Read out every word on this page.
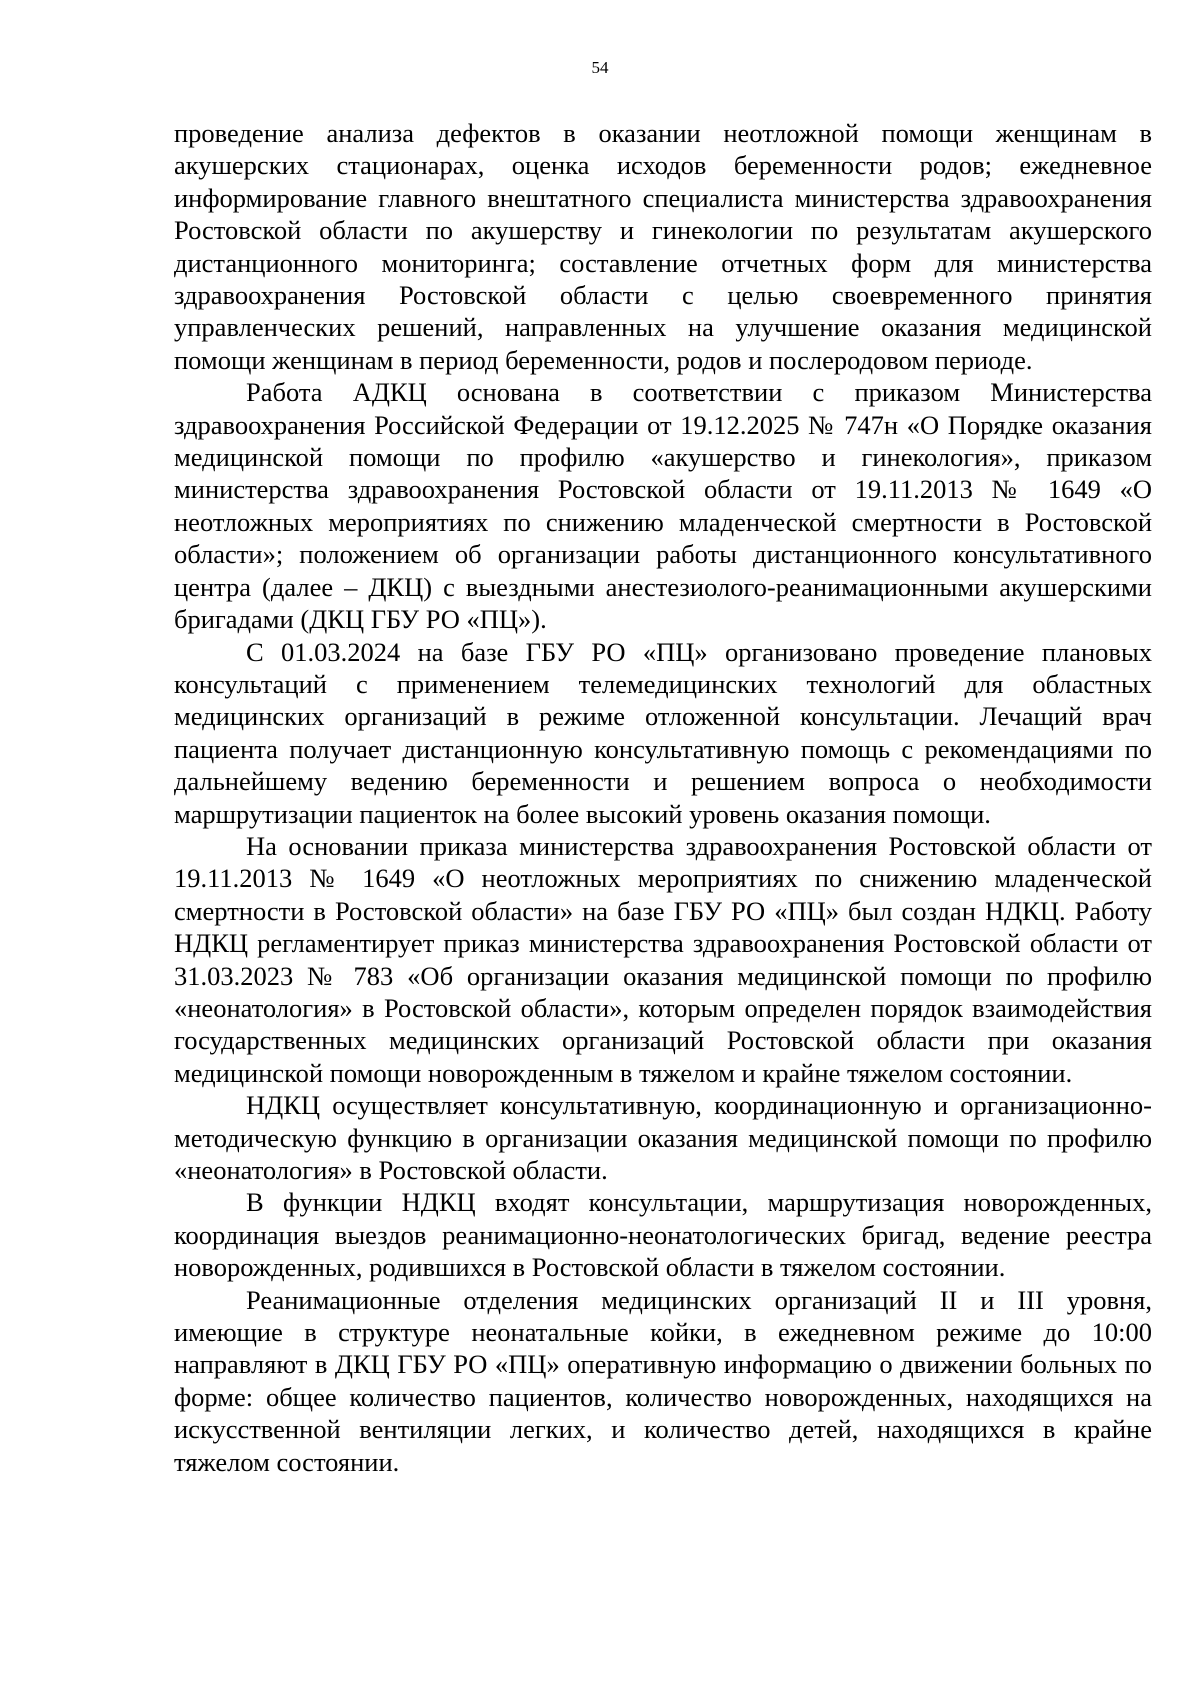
54

проведение анализа дефектов в оказании неотложной помощи женщинам в акушерских стационарах, оценка исходов беременности родов; ежедневное информирование главного внештатного специалиста министерства здравоохранения Ростовской области по акушерству и гинекологии по результатам акушерского дистанционного мониторинга; составление отчетных форм для министерства здравоохранения Ростовской области с целью своевременного принятия управленческих решений, направленных на улучшение оказания медицинской помощи женщинам в период беременности, родов и послеродовом периоде.

Работа АДКЦ основана в соответствии с приказом Министерства здравоохранения Российской Федерации от 19.12.2025 № 747н «О Порядке оказания медицинской помощи по профилю «акушерство и гинекология», приказом министерства здравоохранения Ростовской области от 19.11.2013 № 1649 «О неотложных мероприятиях по снижению младенческой смертности в Ростовской области»; положением об организации работы дистанционного консультативного центра (далее – ДКЦ) с выездными анестезиолого-реанимационными акушерскими бригадами (ДКЦ ГБУ РО «ПЦ»).

С 01.03.2024 на базе ГБУ РО «ПЦ» организовано проведение плановых консультаций с применением телемедицинских технологий для областных медицинских организаций в режиме отложенной консультации. Лечащий врач пациента получает дистанционную консультативную помощь с рекомендациями по дальнейшему ведению беременности и решением вопроса о необходимости маршрутизации пациенток на более высокий уровень оказания помощи.

На основании приказа министерства здравоохранения Ростовской области от 19.11.2013 № 1649 «О неотложных мероприятиях по снижению младенческой смертности в Ростовской области» на базе ГБУ РО «ПЦ» был создан НДКЦ. Работу НДКЦ регламентирует приказ министерства здравоохранения Ростовской области от 31.03.2023 № 783 «Об организации оказания медицинской помощи по профилю «неонатология» в Ростовской области», которым определен порядок взаимодействия государственных медицинских организаций Ростовской области при оказания медицинской помощи новорожденным в тяжелом и крайне тяжелом состоянии.

НДКЦ осуществляет консультативную, координационную и организационно-методическую функцию в организации оказания медицинской помощи по профилю «неонатология» в Ростовской области.

В функции НДКЦ входят консультации, маршрутизация новорожденных, координация выездов реанимационно-неонатологических бригад, ведение реестра новорожденных, родившихся в Ростовской области в тяжелом состоянии.

Реанимационные отделения медицинских организаций II и III уровня, имеющие в структуре неонатальные койки, в ежедневном режиме до 10:00 направляют в ДКЦ ГБУ РО «ПЦ» оперативную информацию о движении больных по форме: общее количество пациентов, количество новорожденных, находящихся на искусственной вентиляции легких, и количество детей, находящихся в крайне тяжелом состоянии.
